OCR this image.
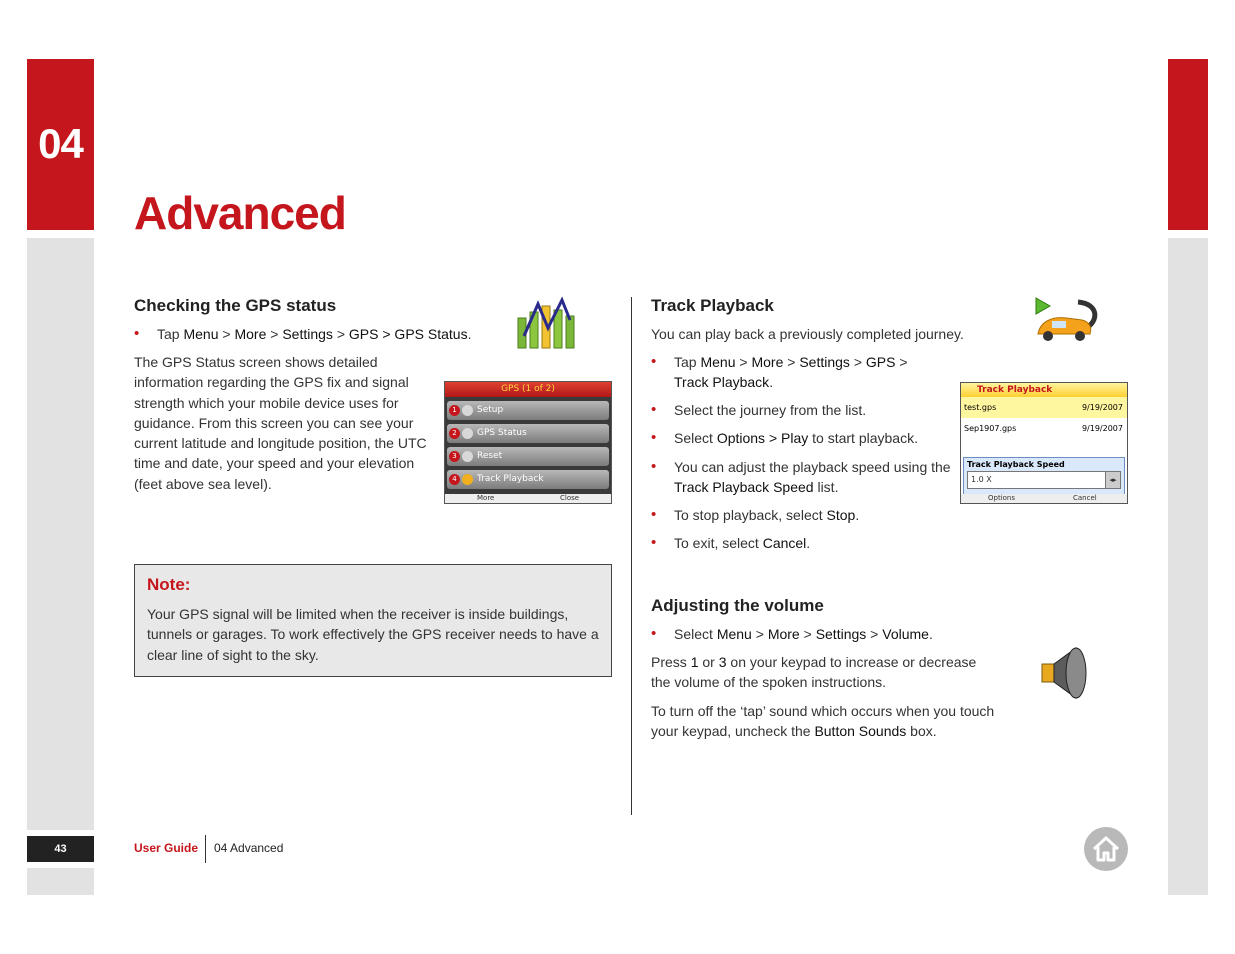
04
Advanced
Checking the GPS status
• Tap Menu > More > Settings > GPS > GPS Status.

The GPS Status screen shows detailed information regarding the GPS fix and signal strength which your mobile device uses for guidance. From this screen you can see your current latitude and longitude position, the UTC time and date, your speed and your elevation (feet above sea level).

GPS (1 of 2)
1	Setup
2	GPS Status
3	Reset
4	Track Playback
More	Close

Note:

Your GPS signal will be limited when the receiver is inside buildings, tunnels or garages. To work effectively the GPS receiver needs to have a clear line of sight to the sky.

Track Playback

You can play back a previously completed journey.

• Tap Menu > More > Settings > GPS >
Track Playback.
• Select the journey from the list.
• Select Options > Play to start playback.
• You can adjust the playback speed using the Track Playback Speed list.
• To stop playback, select Stop.
• To exit, select Cancel.
Track Playback
test.gps	9/19/2007
Sep1907.gps	9/19/2007
Track Playback Speed
1.0 X	◂▸
Options	Cancel
Adjusting the volume
• Select Menu > More > Settings > Volume.

Press 1 or 3 on your keypad to increase or decrease the volume of the spoken instructions.

To turn off the ‘tap’ sound which occurs when you touch your keypad, uncheck the Button Sounds box.

43	User Guide 04 Advanced
